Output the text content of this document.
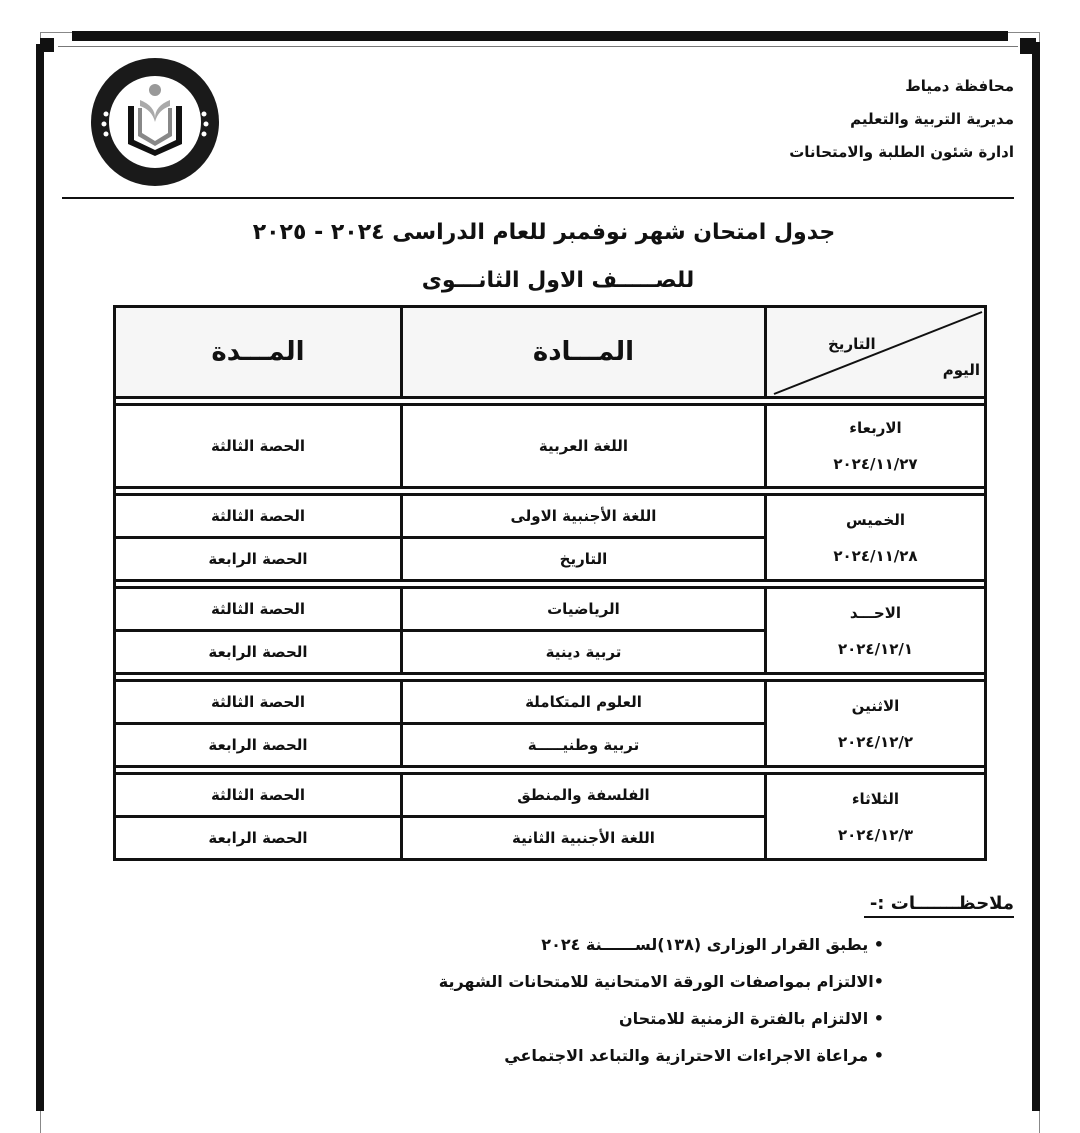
محافظة دمياط
مديرية التربية والتعليم
ادارة شئون الطلبة والامتحانات
جدول امتحان شهر نوفمبر للعام الدراسى ٢٠٢٤ - ٢٠٢٥
للصـــــف الاول الثانـــوى
التاريخ
اليوم	المـــادة	المـــدة

الاربعاء
٢٠٢٤/١١/٢٧	اللغة العربية	الحصة الثالثة

الخميس
٢٠٢٤/١١/٢٨	اللغة الأجنبية الاولى	الحصة الثالثة
	التاريخ	الحصة الرابعة

الاحـــد
٢٠٢٤/١٢/١	الرياضيات	الحصة الثالثة
	تربية دينية	الحصة الرابعة

الاثنين
٢٠٢٤/١٢/٢	العلوم المتكاملة	الحصة الثالثة
	تربية وطنيـــــة	الحصة الرابعة

الثلاثاء
٢٠٢٤/١٢/٣	الفلسفة والمنطق	الحصة الثالثة
	اللغة الأجنبية الثانية	الحصة الرابعة
ملاحظـــــــات :-
• يطبق القرار الوزارى (١٣٨)لســــــنة ٢٠٢٤
•الالتزام بمواصفات الورقة الامتحانية للامتحانات الشهرية
• الالتزام بالفترة الزمنية للامتحان
• مراعاة الاجراءات الاحترازية والتباعد الاجتماعي
